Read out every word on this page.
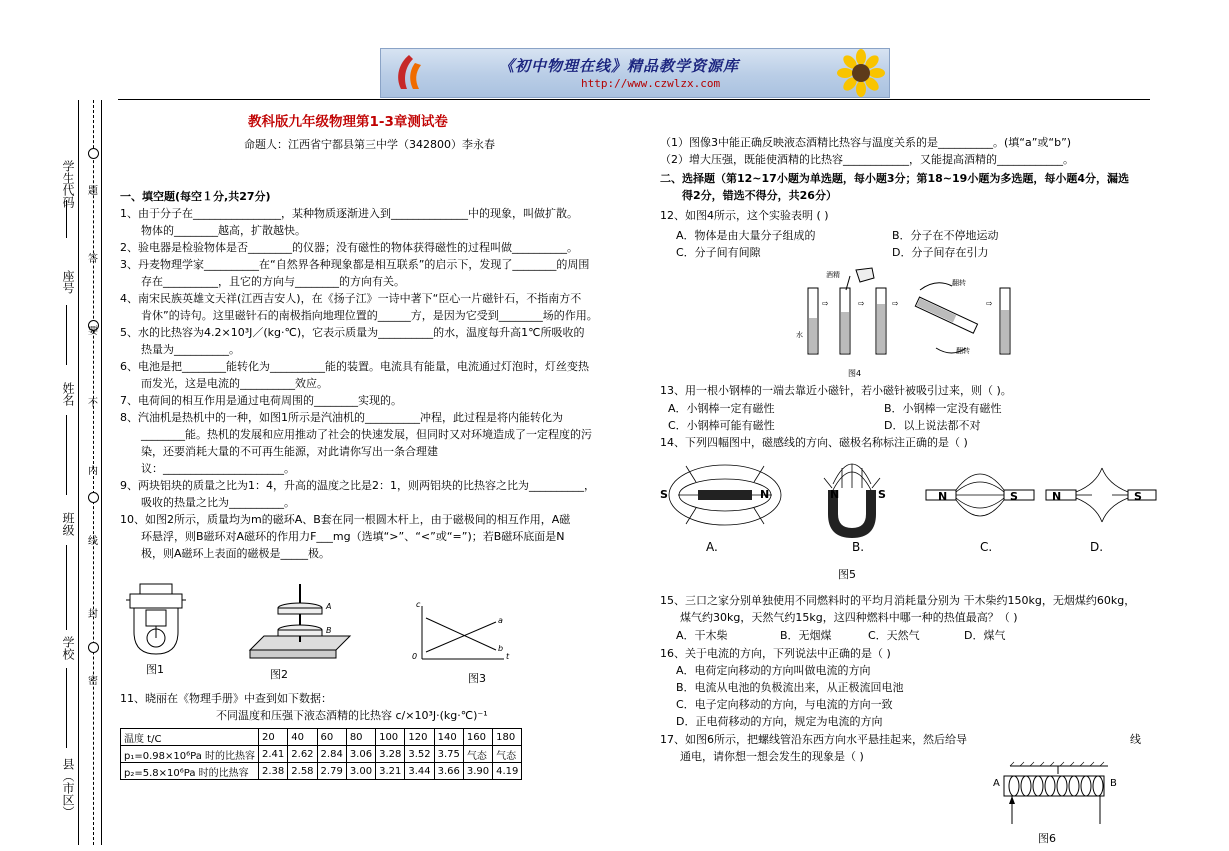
《初中物理在线》精品教学资源库
http://www.czwlzx.com
学生代码
座号
姓名
班级
学校
县（市区）
题
答
要
不
内
线
封
密
教科版九年级物理第1-3章测试卷
命题人：江西省宁都县第三中学（342800）李永春
一、填空题(每空１分,共27分)
1、由于分子在________________，某种物质逐渐进入到______________中的现象，叫做扩散。
物体的________越高，扩散越快。
2、验电器是检验物体是否________的仪器；没有磁性的物体获得磁性的过程叫做__________。
3、丹麦物理学家__________在“自然界各种现象都是相互联系”的启示下，发现了________的周围
存在__________，且它的方向与________的方向有关。
4、南宋民族英雄文天祥(江西吉安人)，在《扬子江》一诗中著下“臣心一片磁针石，不指南方不
肯休”的诗句。这里磁针石的南极指向地理位置的______方，是因为它受到________场的作用。
5、水的比热容为4.2×10³J／(kg·℃)，它表示质量为__________的水，温度每升高1℃所吸收的
热量为__________。
6、电池是把________能转化为__________能的装置。电流具有能量，电流通过灯泡时，灯丝变热
而发光，这是电流的__________效应。
7、电荷间的相互作用是通过电荷周围的________实现的。
8、汽油机是热机中的一种，如图1所示是汽油机的__________冲程，此过程是将内能转化为
________能。热机的发展和应用推动了社会的快速发展，但同时又对环境造成了一定程度的污
染，还要消耗大量的不可再生能源，对此请你写出一条合理建
议：______________________。
9、两块铝块的质量之比为1：4，升高的温度之比是2：1，则两铝块的比热容之比为__________，
吸收的热量之比为__________。
10、如图2所示，质量均为m的磁环A、B套在同一根圆木杆上，由于磁极间的相互作用，A磁
环悬浮，则B磁环对A磁环的作用力F___mg（选填“>”、“<”或“=”)；若B磁环底面是N
极，则A磁环上表面的磁极是_____极。
图1
A
B
图2
c
t
0
a
b
图3
11、晓丽在《物理手册》中查到如下数据：
不同温度和压强下液态酒精的比热容 c/×10³J·(kg·℃)⁻¹
温度 t/C	20	40	60	80	100	120	140	160	180
p₁=0.98×10⁶Pa 时的比热容	2.41	2.62	2.84	3.06	3.28	3.52	3.75	气态	气态
p₂=5.8×10⁶Pa 时的比热容	2.38	2.58	2.79	3.00	3.21	3.44	3.66	3.90	4.19
（1）图像3中能正确反映液态酒精比热容与温度关系的是__________。(填“a”或“b”)
（2）增大压强，既能使酒精的比热容____________，又能提高酒精的____________。
二、选择题（第12~17小题为单选题，每小题3分；第18~19小题为多选题，每小题4分，漏选
得2分，错选不得分，共26分）
12、如图4所示，这个实验表明 ( )
A．物体是由大量分子组成的	B．分子在不停地运动
C．分子间有间隙	D．分子间存在引力
⇨	⇨	⇨	⇨
酒精
水
翻转
翻转
图4
13、用一根小钢棒的一端去靠近小磁针，若小磁针被吸引过来，则（ )。
A．小钢棒一定有磁性	B．小钢棒一定没有磁性
C．小钢棒可能有磁性	D．以上说法都不对
14、下列四幅图中，磁感线的方向、磁极名称标注正确的是（ )
S	N	N	S	N	S	N	S
A.	B.	C.	D.
图5
15、三口之家分别单独使用不同燃料时的平均月消耗量分别为 干木柴约150kg，无烟煤约60kg，
煤气约30kg，天然气约15kg，这四种燃料中哪一种的热值最高？（ )
A．干木柴	B．无烟煤	C．天然气	D．煤气
16、关于电流的方向，下列说法中正确的是（ )
A．电荷定向移动的方向叫做电流的方向
B．电流从电池的负极流出来，从正极流回电池
C．电子定向移动的方向，与电流的方向一致
D．正电荷移动的方向，规定为电流的方向
17、如图6所示，把螺线管沿东西方向水平悬挂起来，然后给导	线
通电，请你想一想会发生的现象是（ )
A	B
图6
